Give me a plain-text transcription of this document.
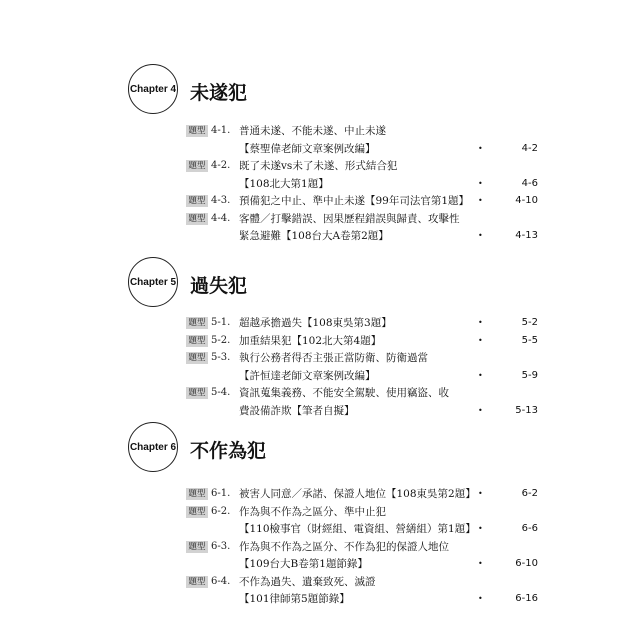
Chapter 4 未遂犯
題型 4-1. 普通未遂、不能未遂、中止未遂
【蔡聖偉老師文章案例改編】	• 4-2
題型 4-2. 既了未遂vs未了未遂、形式結合犯
【108北大第1題】	• 4-6
題型 4-3. 預備犯之中止、準中止未遂【99年司法官第1題】	• 4-10
題型 4-4. 客體／打擊錯誤、因果歷程錯誤與歸責、攻擊性
緊急避難【108台大A卷第2題】	• 4-13
Chapter 5 過失犯
題型 5-1. 超越承擔過失【108東吳第3題】	• 5-2
題型 5-2. 加重結果犯【102北大第4題】	• 5-5
題型 5-3. 執行公務者得否主張正當防衛、防衛過當
【許恒達老師文章案例改編】	• 5-9
題型 5-4. 資訊蒐集義務、不能安全駕駛、使用竊盜、收
費設備詐欺【筆者自擬】	• 5-13
Chapter 6 不作為犯
題型 6-1. 被害人同意／承諾、保證人地位【108東吳第2題】	• 6-2
題型 6-2. 作為與不作為之區分、準中止犯
【110檢事官（財經組、電資組、營繕組）第1題】	• 6-6
題型 6-3. 作為與不作為之區分、不作為犯的保證人地位
【109台大B卷第1題節錄】	• 6-10
題型 6-4. 不作為過失、遺棄致死、滅證
【101律師第5題節錄】	• 6-16
